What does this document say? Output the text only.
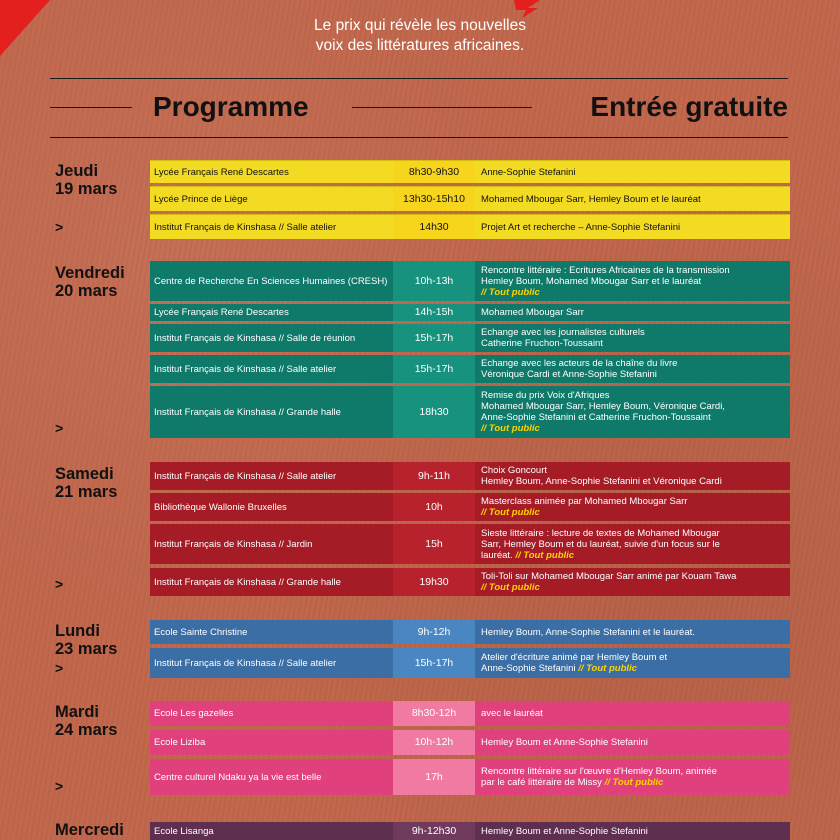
Le prix qui révèle les nouvelles
voix des littératures africaines.
Programme	Entrée gratuite
Jeudi
19 mars
>
Lycée Français René Descartes	8h30-9h30	Anne-Sophie Stefanini
Lycée Prince de Liège	13h30-15h10	Mohamed Mbougar Sarr, Hemley Boum et le lauréat
Institut Français de Kinshasa // Salle atelier	14h30	Projet Art et recherche – Anne-Sophie Stefanini
Vendredi
20 mars
>
Centre de Recherche En Sciences Humaines (CRESH)	10h-13h
Rencontre littéraire : Ecritures Africaines de la transmission
Hemley Boum, Mohamed Mbougar Sarr et le lauréat
// Tout public
Lycée Français René Descartes	14h-15h	Mohamed Mbougar Sarr
Institut Français de Kinshasa // Salle de réunion	15h-17h	Echange avec les journalistes culturels
Catherine Fruchon-Toussaint
Institut Français de Kinshasa // Salle atelier	15h-17h	Echange avec les acteurs de la chaîne du livre
Véronique Cardi et Anne-Sophie Stefanini
Institut Français de Kinshasa // Grande halle	18h30
Remise du prix Voix d'Afriques
Mohamed Mbougar Sarr, Hemley Boum, Véronique Cardi,
Anne-Sophie Stefanini et Catherine Fruchon-Toussaint
// Tout public
Samedi
21 mars
>
Institut Français de Kinshasa // Salle atelier	9h-11h	Choix Goncourt
Hemley Boum, Anne-Sophie Stefanini et Véronique Cardi
Bibliothèque Wallonie Bruxelles	10h	Masterclass animée par Mohamed Mbougar Sarr
// Tout public
Institut Français de Kinshasa // Jardin	15h
Sieste littéraire : lecture de textes de Mohamed Mbougar
Sarr, Hemley Boum et du lauréat, suivie d'un focus sur le
lauréat. // Tout public
Institut Français de Kinshasa // Grande halle	19h30	Toli-Toli sur Mohamed Mbougar Sarr animé par Kouam Tawa
// Tout public
Lundi
23 mars
>
Ecole Sainte Christine	9h-12h	Hemley Boum, Anne-Sophie Stefanini et le lauréat.
Institut Français de Kinshasa // Salle atelier	15h-17h	Atelier d'écriture animé par Hemley Boum et
Anne-Sophie Stefanini // Tout public
Mardi
24 mars
>
Ecole Les gazelles	8h30-12h	avec le lauréat
Ecole Liziba	10h-12h	Hemley Boum et Anne-Sophie Stefanini
Centre culturel Ndaku ya la vie est belle	17h	Rencontre littéraire sur l'œuvre d'Hemley Boum, animée
par le café littéraire de Missy // Tout public
Mercredi	Ecole Lisanga	9h-12h30	Hemley Boum et Anne-Sophie Stefanini
